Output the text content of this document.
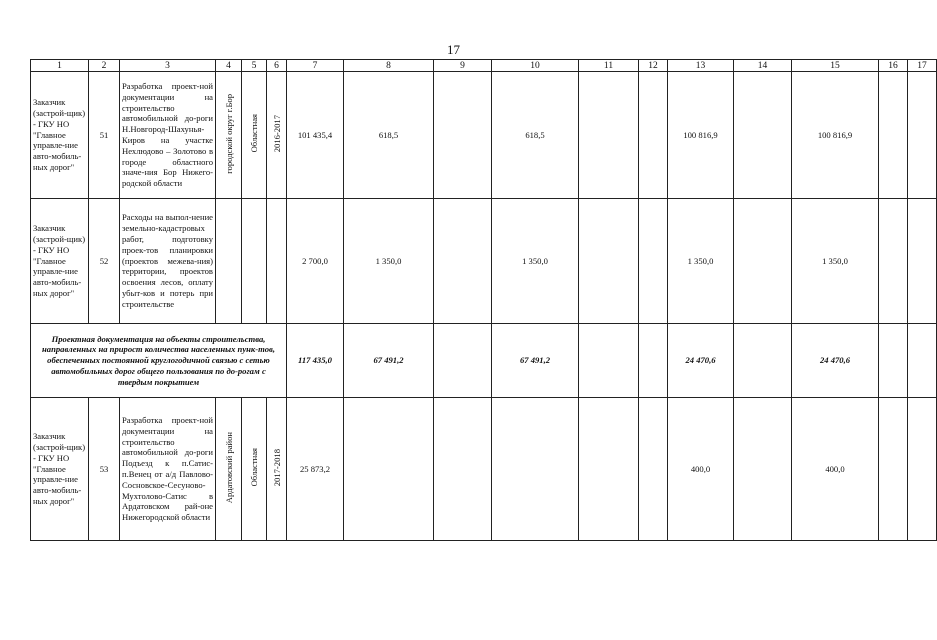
17
1	2	3	4	5	6	7	8	9	10	11	12	13	14	15	16	17
Заказчик (застрой-щик) - ГКУ НО "Главное управле-ние авто-мобиль-ных дорог"	51	Разработка проект-ной документации на строительство автомобильной до-роги Н.Новгород-Шахунья-Киров на участке Нехлюдово – Золотово в городе областного значе-ния Бор Нижего-родской области	городской округ г.Бор	Областная	2016-2017	101 435,4	618,5		618,5			100 816,9		100 816,9		
Заказчик (застрой-щик) - ГКУ НО "Главное управле-ние авто-мобиль-ных дорог"	52	Расходы на выпол-нение земельно-кадастровых работ, подготовку проек-тов планировки (проектов межева-ния) территории, проектов освоения лесов, оплату убыт-ков и потерь при строительстве				2 700,0	1 350,0		1 350,0			1 350,0		1 350,0		
Проектная документация на объекты строительства, направленных на прирост количества населенных пунк-тов, обеспеченных постоянной круглогодичной связью с сетью автомобильных дорог общего пользования по до-рогам с твердым покрытием						117 435,0	67 491,2		67 491,2			24 470,6		24 470,6		
Заказчик (застрой-щик) - ГКУ НО "Главное управле-ние авто-мобиль-ных дорог"	53	Разработка проект-ной документации на строительство автомобильной до-роги Подъезд к п.Сатис-п.Венец от а/д Павлово-Сосновское-Сесуново-Мухтолово-Сатис в Ардатовском рай-оне Нижегородской области	Ардатовский район	Областная	2017-2018	25 873,2						400,0		400,0		
